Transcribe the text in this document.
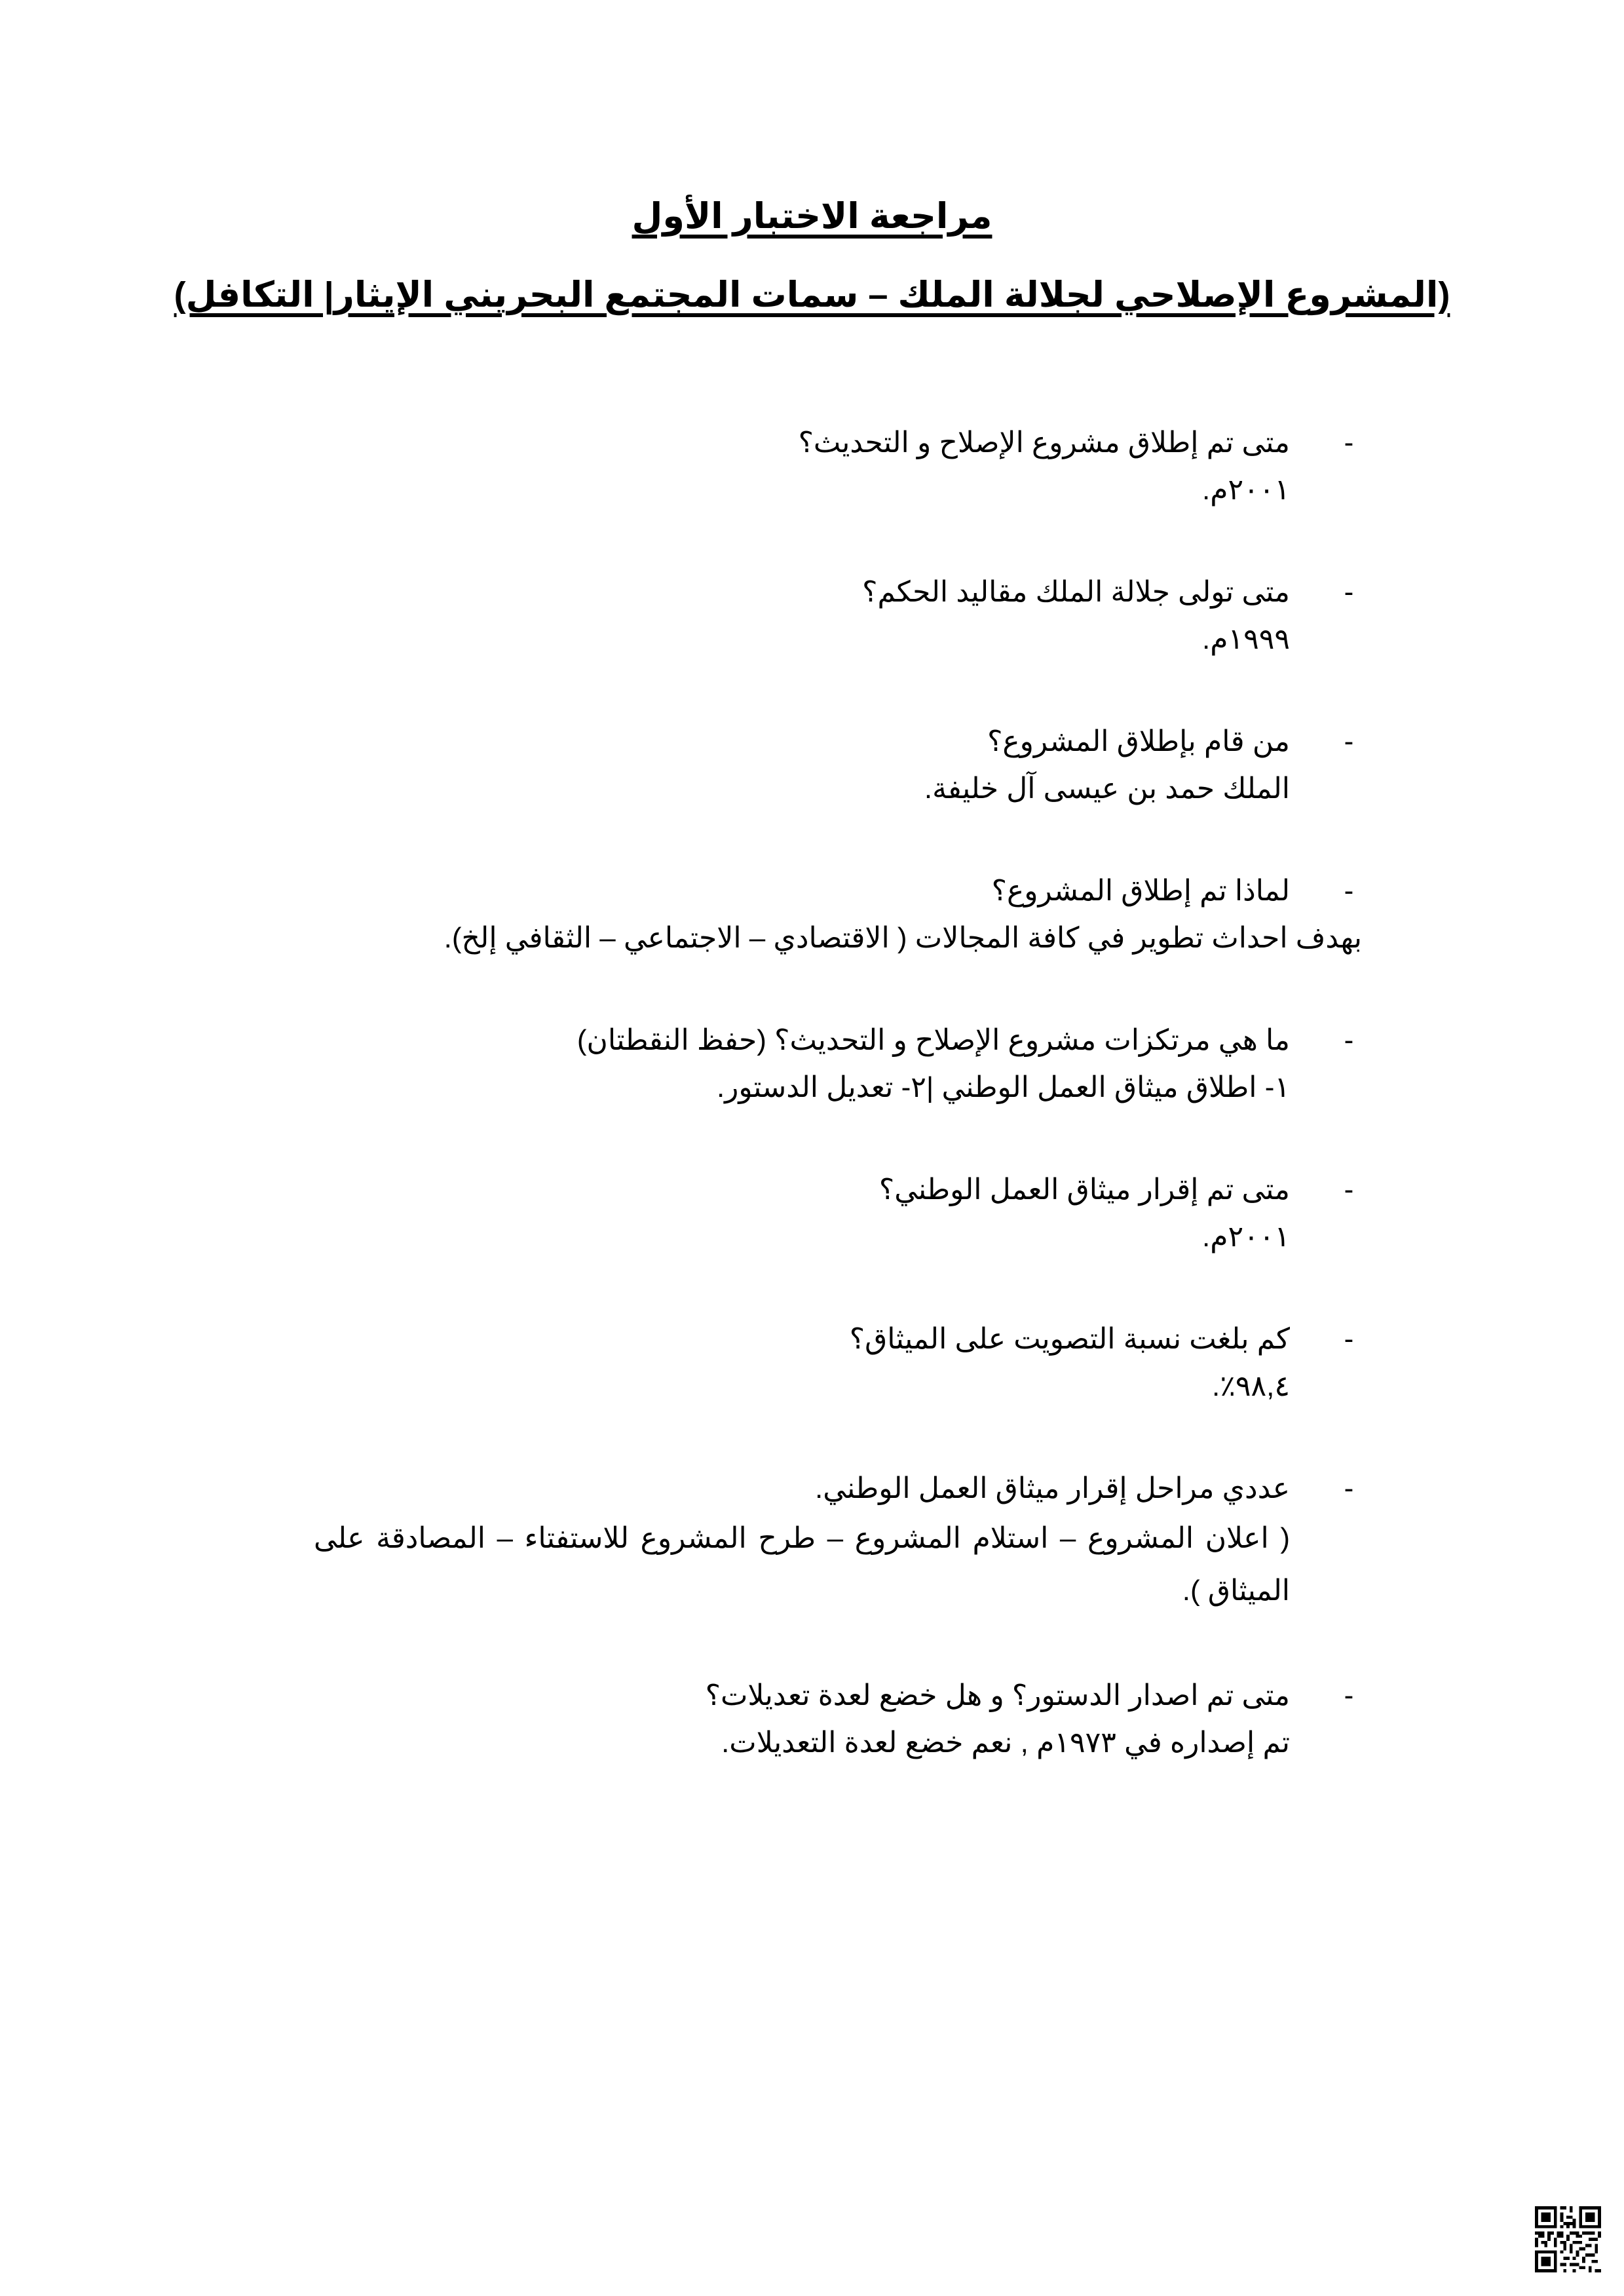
مراجعة الاختبار الأول
(المشروع الإصلاحي لجلالة الملك – سمات المجتمع البحريني الإيثار| التكافل)
-
متى تم إطلاق مشروع الإصلاح و التحديث؟
٢٠٠١م.
-
متى تولى جلالة الملك مقاليد الحكم؟
١٩٩٩م.
-
من قام بإطلاق المشروع؟
الملك حمد بن عيسى آل خليفة.
-
لماذا تم إطلاق المشروع؟
بهدف احداث تطوير في كافة المجالات ( الاقتصادي – الاجتماعي – الثقافي إلخ).
-
ما هي مرتكزات مشروع الإصلاح و التحديث؟ (حفظ النقطتان)
١- اطلاق ميثاق العمل الوطني |٢- تعديل الدستور.
-
متى تم إقرار ميثاق العمل الوطني؟
٢٠٠١م.
-
كم بلغت نسبة التصويت على الميثاق؟
٩٨,٤٪.
-
عددي مراحل إقرار ميثاق العمل الوطني.
( اعلان المشروع – استلام المشروع – طرح المشروع للاستفتاء – المصادقة على الميثاق ).
-
متى تم اصدار الدستور؟ و هل خضع لعدة تعديلات؟
تم إصداره في ١٩٧٣م , نعم خضع لعدة التعديلات.
